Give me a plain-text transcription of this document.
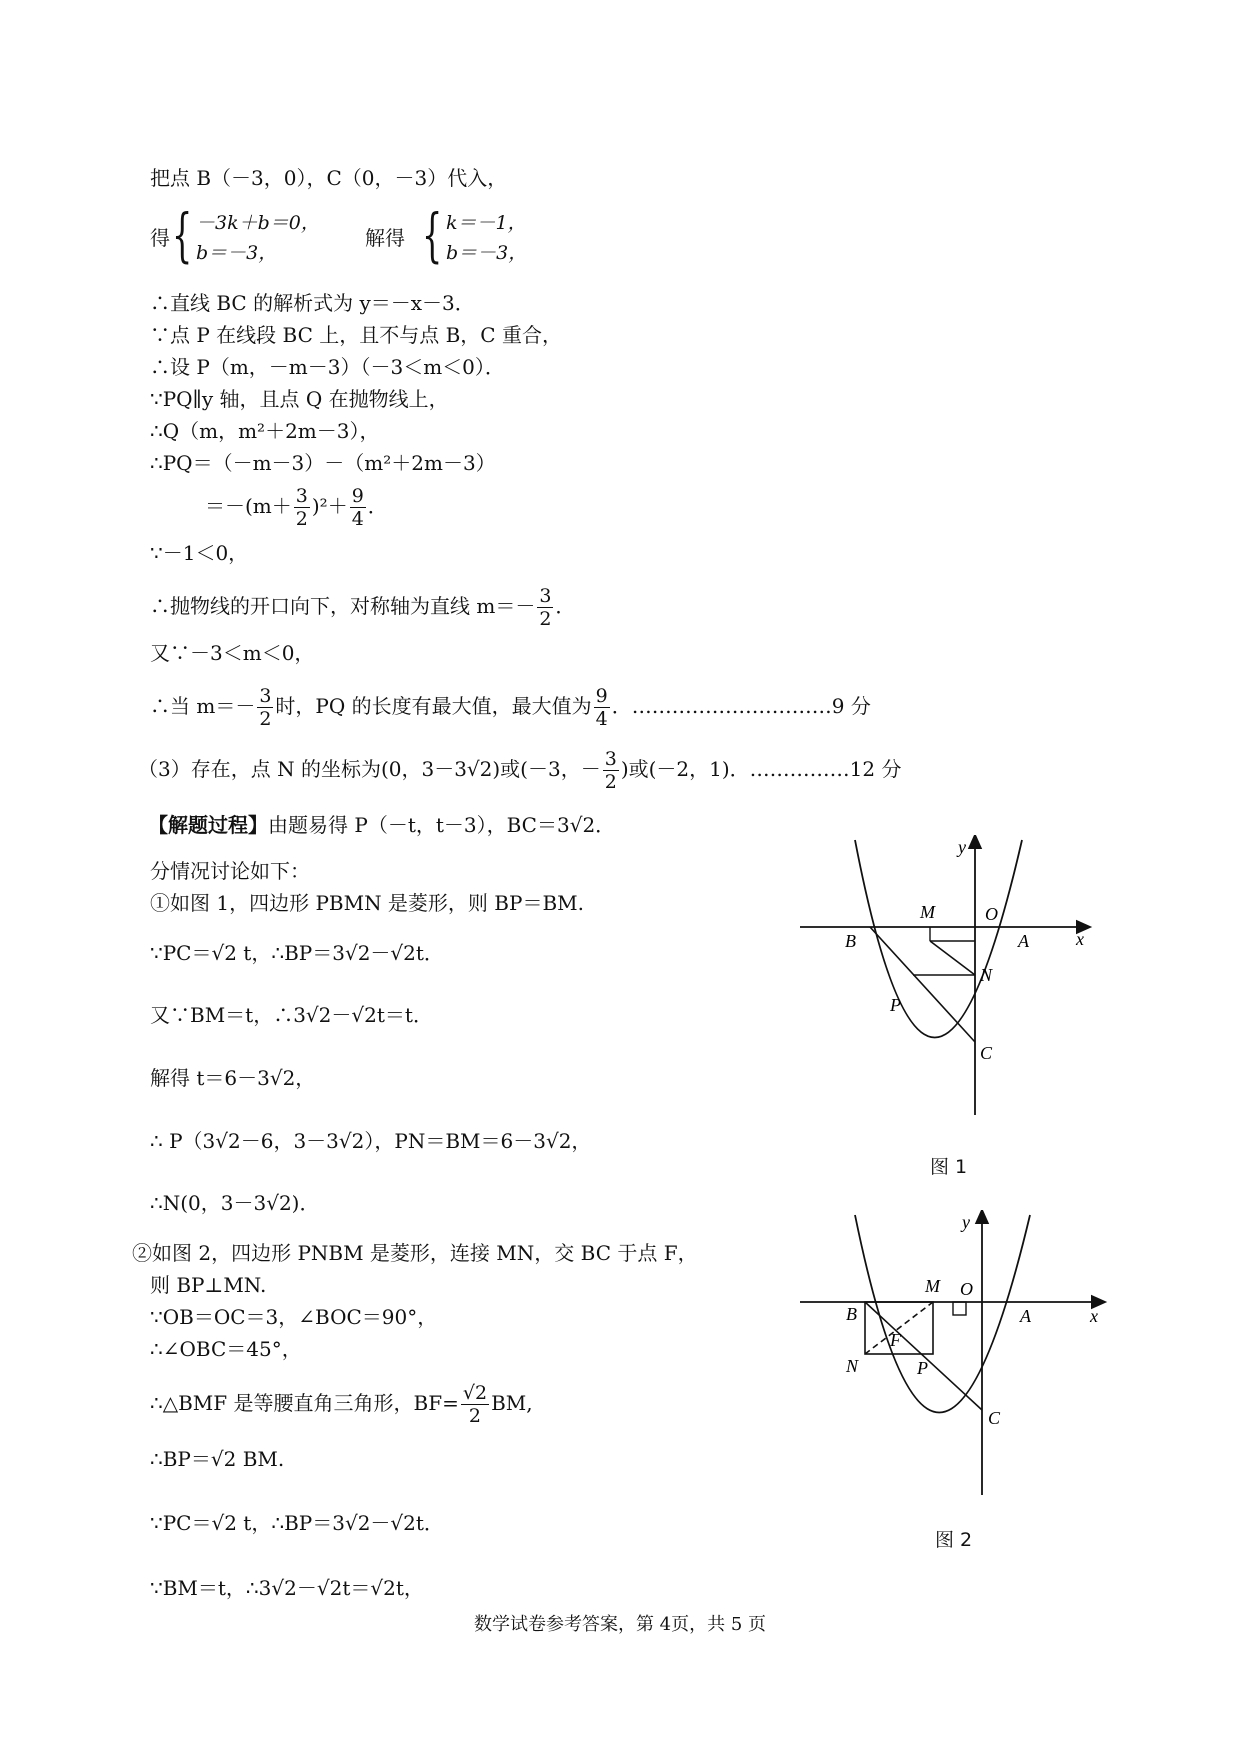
把点 B（－3，0），C（0，－3）代入，
得 { －3k＋b＝0，
b＝－3，
解得 { k＝－1，
b＝－3，
∴直线 BC 的解析式为 y＝－x－3．
∵点 P 在线段 BC 上，且不与点 B，C 重合，
∴设 P（m，－m－3）（－3＜m＜0）．
∵PQ∥y 轴，且点 Q 在抛物线上，
∴Q（m，m²＋2m－3），
∴PQ＝（－m－3）－（m²＋2m－3）
$=-(m+ \frac{3}{2} )^2+ \frac{9}{4}$ ．
∵－1＜0，
∴抛物线的开口向下，对称轴为直线 $m=- \frac{3}{2}$ ．
又∵－3＜m＜0，
∴当 $m=- \frac{3}{2}$ 时，PQ 的长度有最大值，最大值为 $\frac{9}{4}$ ．…………………………9 分
（3）存在，点 N 的坐标为(0，3－3√2)或(－3，－ $\frac{3}{2}$ )或(－2，1)．……………12 分
【解题过程】由题易得 P（－t，t－3），BC＝3√2．
分情况讨论如下：
①如图 1，四边形 PBMN 是菱形，则 BP＝BM.
∵PC＝√2 t，∴BP＝3√2－√2t．
又∵BM＝t，∴3√2－√2t＝t．
解得 t＝6－3√2，
∴ P（3√2－6，3－3√2），PN＝BM＝6－3√2，
∴N(0，3－3√2)．
②如图 2，四边形 PNBM 是菱形，连接 MN，交 BC 于点 F，
则 BP⊥MN.
∵OB＝OC＝3，∠BOC＝90°，
∴∠OBC＝45°，
∴△BMF 是等腰直角三角形，$BF= \frac{√2}{2}$ BM,
∴BP＝√2 BM.
∵PC＝√2 t，∴BP＝3√2－√2t．
∵BM＝t，∴3√2－√2t＝√2t，
y
x
M	O
B	A
N
P
C
图 1
y
x
M O
B	A
F
N	P
C
图 2
数学试卷参考答案，第 4页，共 5 页
